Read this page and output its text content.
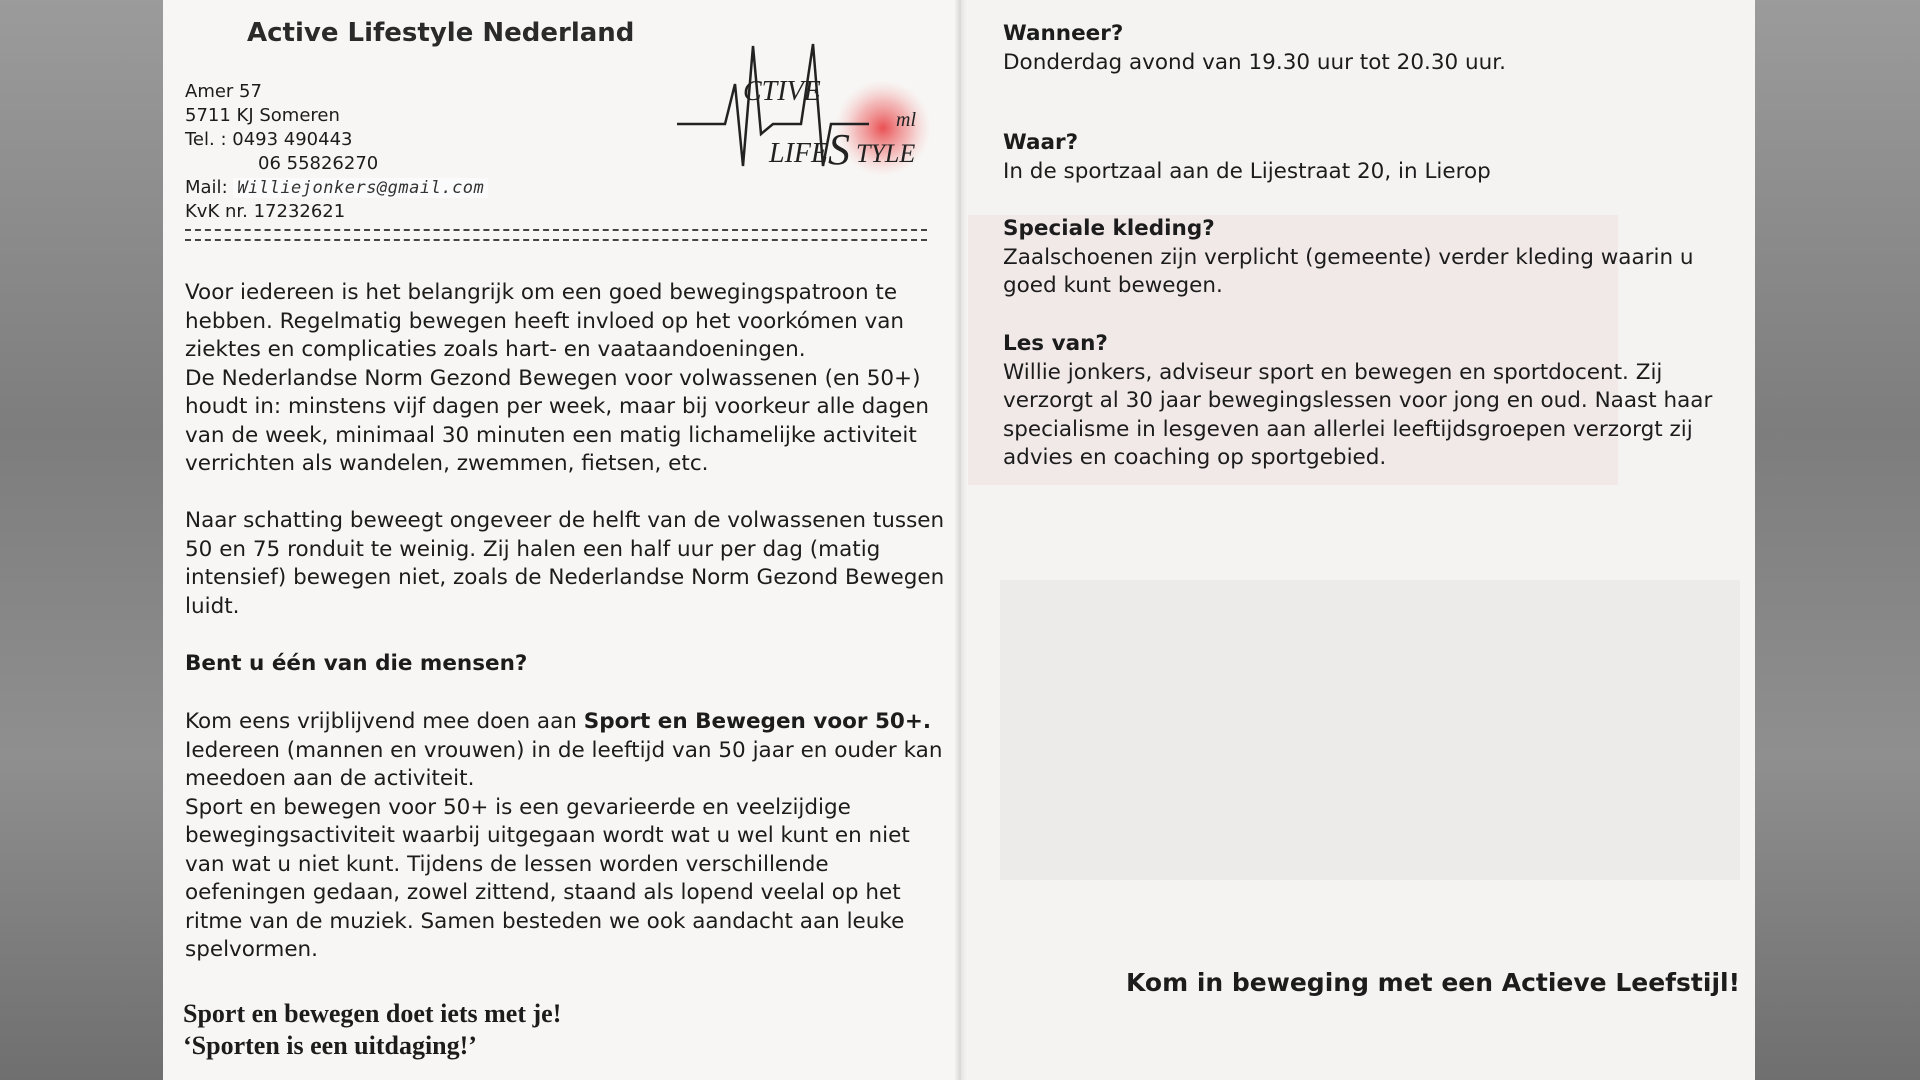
Active Lifestyle Nederland
Amer 57
5711 KJ Someren
Tel. : 0493 490443
06 55826270
Mail: Williejonkers@gmail.com
KvK nr. 17232621
CTIVE
LIFE S TYLE
ml

Voor iedereen is het belangrijk om een goed bewegingspatroon te hebben. Regelmatig bewegen heeft invloed op het voorkómen van ziektes en complicaties zoals hart- en vaataandoeningen.
De Nederlandse Norm Gezond Bewegen voor volwassenen (en 50+) houdt in: minstens vijf dagen per week, maar bij voorkeur alle dagen van de week, minimaal 30 minuten een matig lichamelijke activiteit verrichten als wandelen, zwemmen, fietsen, etc.

Naar schatting beweegt ongeveer de helft van de volwassenen tussen 50 en 75 ronduit te weinig. Zij halen een half uur per dag (matig intensief) bewegen niet, zoals de Nederlandse Norm Gezond Bewegen luidt.

Bent u één van die mensen?

Kom eens vrijblijvend mee doen aan Sport en Bewegen voor 50+.
Iedereen (mannen en vrouwen) in de leeftijd van 50 jaar en ouder kan meedoen aan de activiteit.
Sport en bewegen voor 50+ is een gevarieerde en veelzijdige bewegingsactiviteit waarbij uitgegaan wordt wat u wel kunt en niet van wat u niet kunt. Tijdens de lessen worden verschillende oefeningen gedaan, zowel zittend, staand als lopend veelal op het ritme van de muziek. Samen besteden we ook aandacht aan leuke spelvormen.

Sport en bewegen doet iets met je!
‘Sporten is een uitdaging!’
Wanneer?

Donderdag avond van 19.30 uur tot 20.30 uur.

Waar?

In de sportzaal aan de Lijestraat 20, in Lierop

Speciale kleding?

Zaalschoenen zijn verplicht (gemeente) verder kleding waarin u goed kunt bewegen.

Les van?

Willie jonkers, adviseur sport en bewegen en sportdocent. Zij verzorgt al 30 jaar bewegingslessen voor jong en oud. Naast haar specialisme in lesgeven aan allerlei leeftijdsgroepen verzorgt zij advies en coaching op sportgebied.

Kom in beweging met een Actieve Leefstijl!
